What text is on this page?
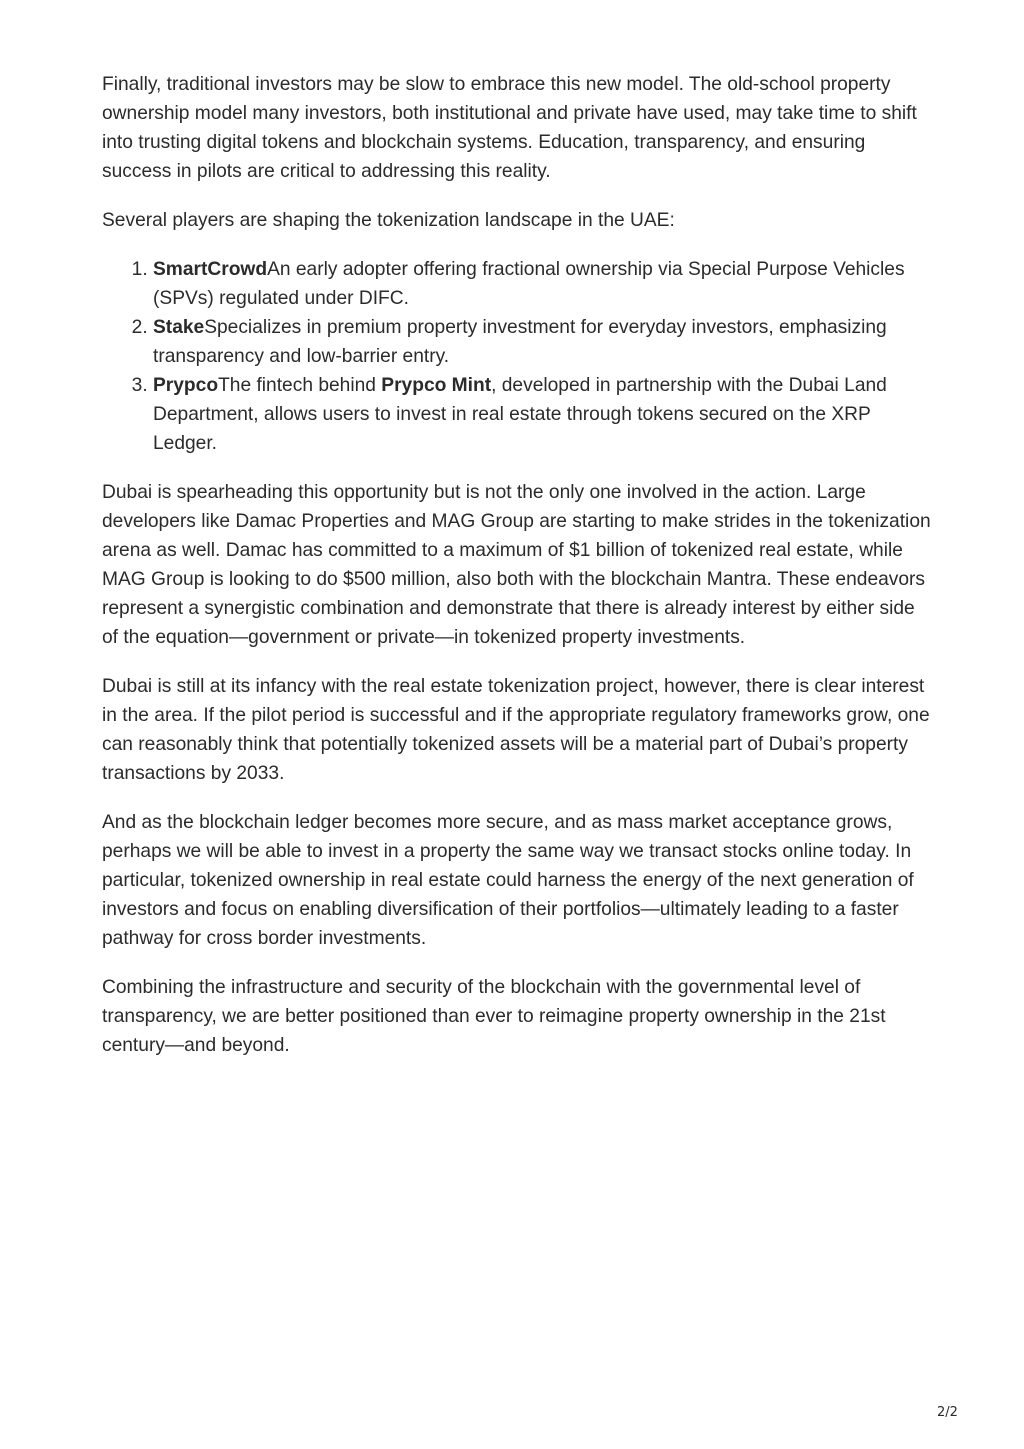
Finally, traditional investors may be slow to embrace this new model. The old-school property ownership model many investors, both institutional and private have used, may take time to shift into trusting digital tokens and blockchain systems. Education, transparency, and ensuring success in pilots are critical to addressing this reality.

Several players are shaping the tokenization landscape in the UAE:

1. SmartCrowdAn early adopter offering fractional ownership via Special Purpose Vehicles (SPVs) regulated under DIFC.
2. StakeSpecializes in premium property investment for everyday investors, emphasizing transparency and low-barrier entry.
3. PrypcoThe fintech behind Prypco Mint, developed in partnership with the Dubai Land Department, allows users to invest in real estate through tokens secured on the XRP Ledger.

Dubai is spearheading this opportunity but is not the only one involved in the action. Large developers like Damac Properties and MAG Group are starting to make strides in the tokenization arena as well. Damac has committed to a maximum of $1 billion of tokenized real estate, while MAG Group is looking to do $500 million, also both with the blockchain Mantra. These endeavors represent a synergistic combination and demonstrate that there is already interest by either side of the equation—government or private—in tokenized property investments.

Dubai is still at its infancy with the real estate tokenization project, however, there is clear interest in the area. If the pilot period is successful and if the appropriate regulatory frameworks grow, one can reasonably think that potentially tokenized assets will be a material part of Dubai’s property transactions by 2033.

And as the blockchain ledger becomes more secure, and as mass market acceptance grows, perhaps we will be able to invest in a property the same way we transact stocks online today. In particular, tokenized ownership in real estate could harness the energy of the next generation of investors and focus on enabling diversification of their portfolios—ultimately leading to a faster pathway for cross border investments.

Combining the infrastructure and security of the blockchain with the governmental level of transparency, we are better positioned than ever to reimagine property ownership in the 21st century—and beyond.

2/2
